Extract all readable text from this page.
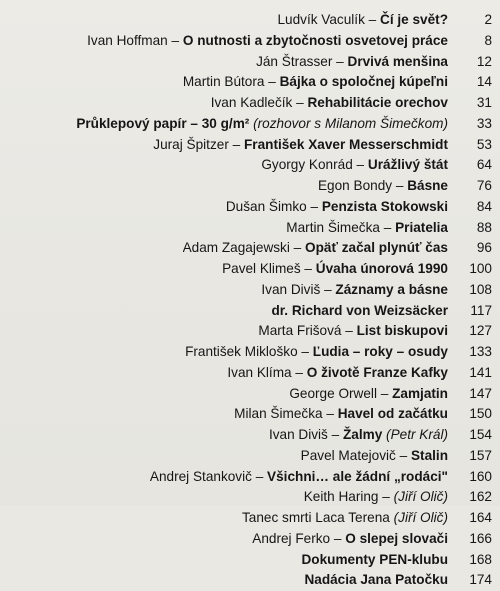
Ludvík Vaculík – Čí je svět?	2
Ivan Hoffman – O nutnosti a zbytočnosti osvetovej práce	8
Ján Štrasser – Drvivá menšina	12
Martin Bútora – Bájka o spoločnej kúpeľni	14
Ivan Kadlečík – Rehabilitácie orechov	31
Průklepový papír – 30 g/m² (rozhovor s Milanom Šimečkom)	33
Juraj Špitzer – František Xaver Messerschmidt	53
Gyorgy Konrád – Urážlivý štát	64
Egon Bondy – Básne	76
Dušan Šimko – Penzista Stokowski	84
Martin Šimečka – Priatelia	88
Adam Zagajewski – Opäť začal plynúť čas	96
Pavel Klimeš – Úvaha únorová 1990	100
Ivan Diviš – Záznamy a básne	108
dr. Richard von Weizsäcker	117
Marta Frišová – List biskupovi	127
František Mikloško – Ľudia – roky – osudy	133
Ivan Klíma – O životě Franze Kafky	141
George Orwell – Zamjatin	147
Milan Šimečka – Havel od začátku	150
Ivan Diviš – Žalmy (Petr Král)	154
Pavel Matejovič – Stalin	157
Andrej Stankovič – Všichni… ale žádní „rodáci"	160
Keith Haring – (Jiří Olič)	162
Tanec smrti Laca Terena (Jiří Olič)	164
Andrej Ferko – O slepej slovači	166
Dokumenty PEN-klubu	168
Nadácia Jana Patočku	174
